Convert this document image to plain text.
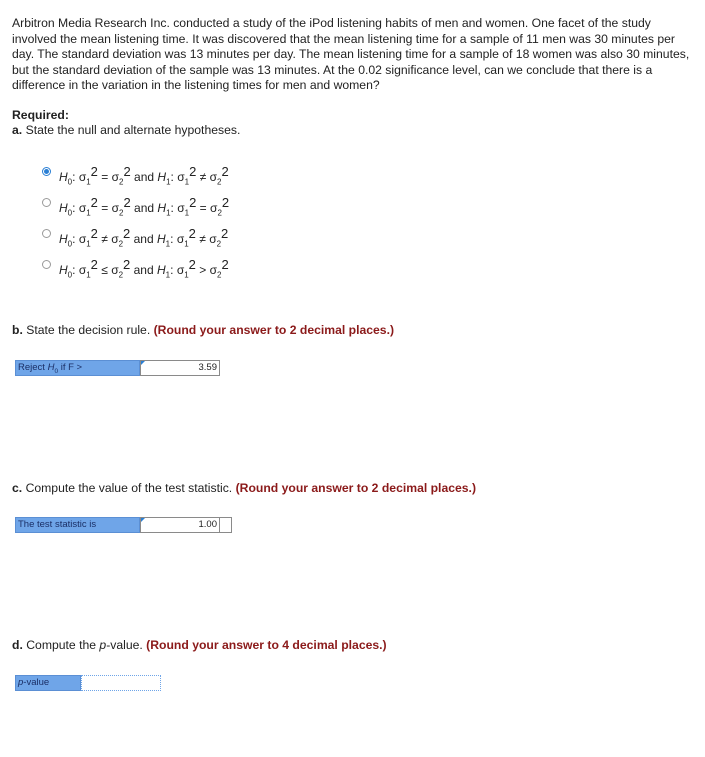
Arbitron Media Research Inc. conducted a study of the iPod listening habits of men and women. One facet of the study involved the mean listening time. It was discovered that the mean listening time for a sample of 11 men was 30 minutes per day. The standard deviation was 13 minutes per day. The mean listening time for a sample of 18 women was also 30 minutes, but the standard deviation of the sample was 13 minutes. At the 0.02 significance level, can we conclude that there is a difference in the variation in the listening times for men and women?

Required:
a. State the null and alternate hypotheses.
$H_0$: $\sigma_1^2 = \sigma_2^2$ and $H_1$: $\sigma_1^2 \ne \sigma_2^2$
$H_0$: $\sigma_1^2 = \sigma_2^2$ and $H_1$: $\sigma_1^2 = \sigma_2^2$
$H_0$: $\sigma_1^2 \ne \sigma_2^2$ and $H_1$: $\sigma_1^2 \ne \sigma_2^2$
$H_0$: $\sigma_1^2 \le \sigma_2^2$ and $H_1$: $\sigma_1^2 > \sigma_2^2$
b. State the decision rule. (Round your answer to 2 decimal places.)
Reject $H_0$ if F >	3.59
c. Compute the value of the test statistic. (Round your answer to 2 decimal places.)
The test statistic is	1.00
d. Compute the p-value. (Round your answer to 4 decimal places.)
p-value
